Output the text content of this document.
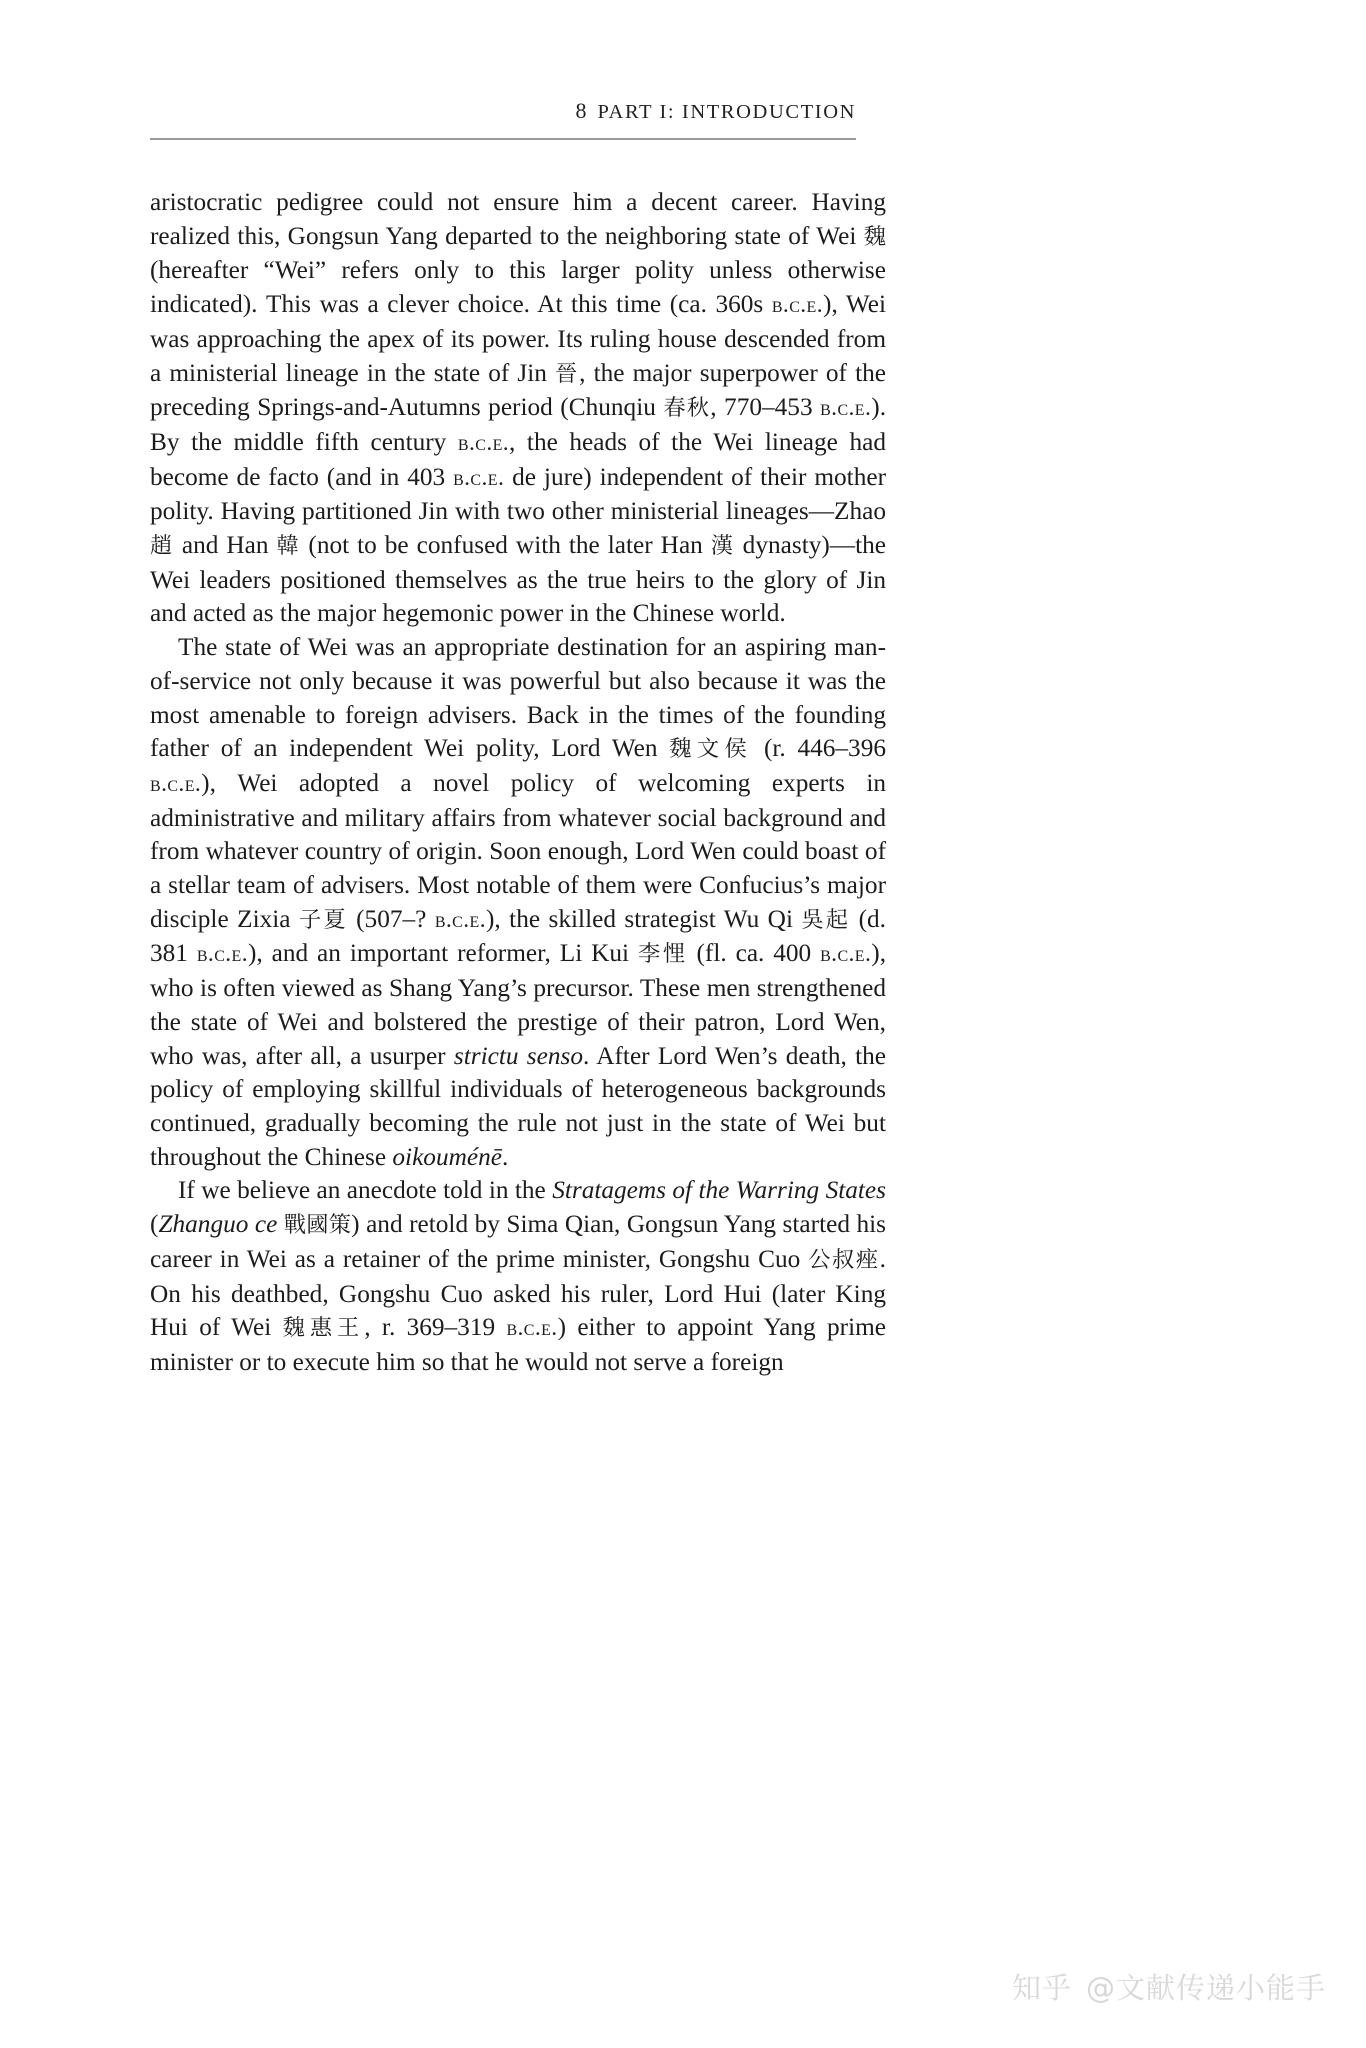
8 PART I: INTRODUCTION

aristocratic pedigree could not ensure him a decent career. Having realized this, Gongsun Yang departed to the neighboring state of Wei 魏 (hereafter “Wei” refers only to this larger polity unless otherwise indicated). This was a clever choice. At this time (ca. 360s b.c.e.), Wei was approaching the apex of its power. Its ruling house descended from a ministerial lineage in the state of Jin 晉, the major superpower of the preceding Springs-and-Autumns period (Chunqiu 春秋, 770–453 b.c.e.). By the middle fifth century b.c.e., the heads of the Wei lineage had become de facto (and in 403 b.c.e. de jure) independent of their mother polity. Having partitioned Jin with two other ministerial lineages—Zhao 趙 and Han 韓 (not to be confused with the later Han 漢 dynasty)—the Wei leaders positioned themselves as the true heirs to the glory of Jin and acted as the major hegemonic power in the Chinese world.

The state of Wei was an appropriate destination for an aspiring man-of-service not only because it was powerful but also because it was the most amenable to foreign advisers. Back in the times of the founding father of an independent Wei polity, Lord Wen 魏文侯 (r. 446–396 b.c.e.), Wei adopted a novel policy of welcoming experts in administrative and military affairs from whatever social background and from whatever country of origin. Soon enough, Lord Wen could boast of a stellar team of advisers. Most notable of them were Confucius’s major disciple Zixia 子夏 (507–? b.c.e.), the skilled strategist Wu Qi 吳起 (d. 381 b.c.e.), and an important reformer, Li Kui 李悝 (fl. ca. 400 b.c.e.), who is often viewed as Shang Yang’s precursor. These men strengthened the state of Wei and bolstered the prestige of their patron, Lord Wen, who was, after all, a usurper strictu senso. After Lord Wen’s death, the policy of employing skillful individuals of heterogeneous backgrounds continued, gradually becoming the rule not just in the state of Wei but throughout the Chinese oikouménē.

If we believe an anecdote told in the Stratagems of the Warring States (Zhanguo ce 戰國策) and retold by Sima Qian, Gongsun Yang started his career in Wei as a retainer of the prime minister, Gongshu Cuo 公叔痤. On his deathbed, Gongshu Cuo asked his ruler, Lord Hui (later King Hui of Wei 魏惠王, r. 369–319 b.c.e.) either to appoint Yang prime minister or to execute him so that he would not serve a foreign

知乎 @文献传递小能手
